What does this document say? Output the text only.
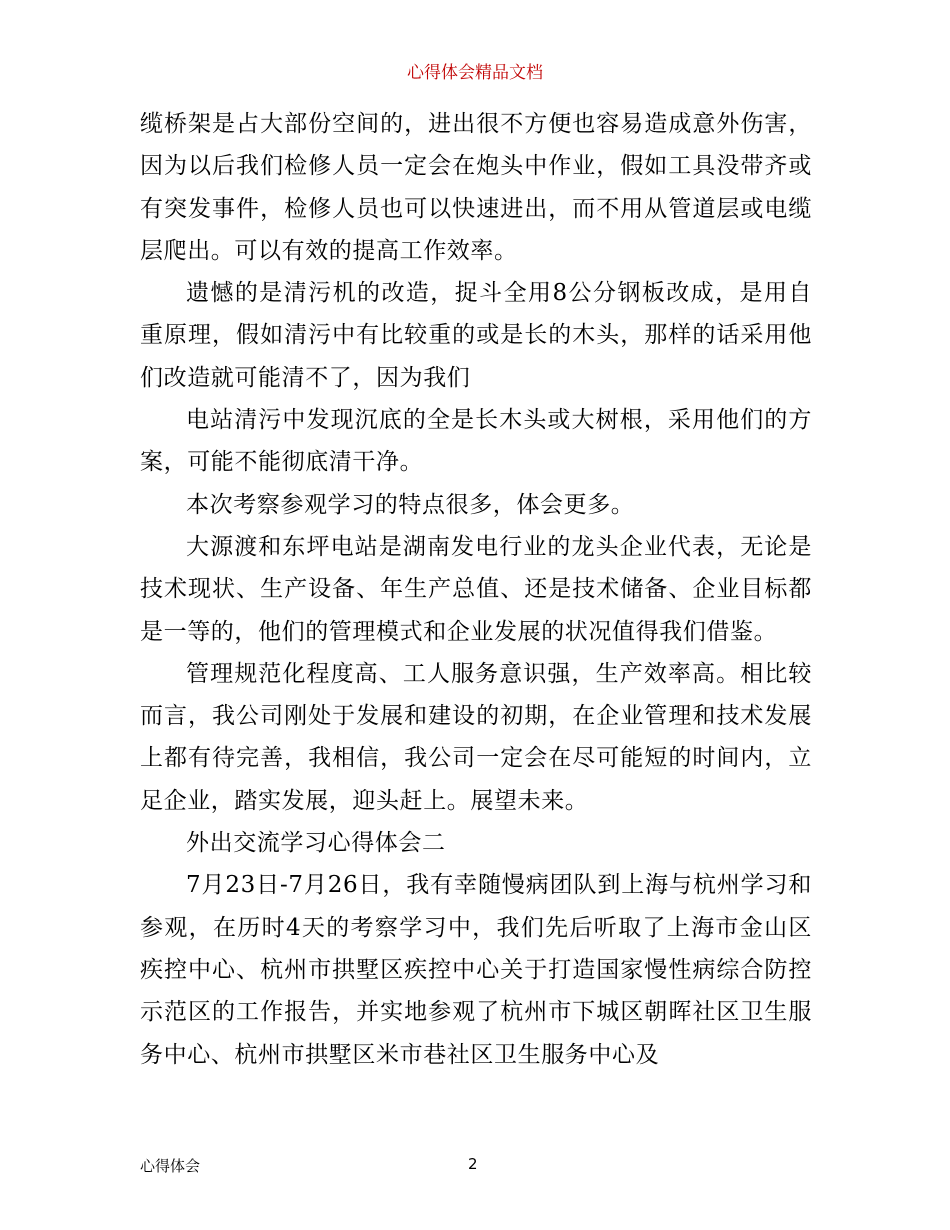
心得体会精品文档

缆桥架是占大部份空间的，进出很不方便也容易造成意外伤害，因为以后我们检修人员一定会在炮头中作业，假如工具没带齐或有突发事件，检修人员也可以快速进出，而不用从管道层或电缆层爬出。可以有效的提高工作效率。

遗憾的是清污机的改造，捉斗全用8公分钢板改成，是用自重原理，假如清污中有比较重的或是长的木头，那样的话采用他们改造就可能清不了，因为我们

电站清污中发现沉底的全是长木头或大树根，采用他们的方案，可能不能彻底清干净。

本次考察参观学习的特点很多，体会更多。

大源渡和东坪电站是湖南发电行业的龙头企业代表，无论是技术现状、生产设备、年生产总值、还是技术储备、企业目标都是一等的，他们的管理模式和企业发展的状况值得我们借鉴。

管理规范化程度高、工人服务意识强，生产效率高。相比较而言，我公司刚处于发展和建设的初期，在企业管理和技术发展上都有待完善，我相信，我公司一定会在尽可能短的时间内，立足企业，踏实发展，迎头赶上。展望未来。

外出交流学习心得体会二

7月23日-7月26日，我有幸随慢病团队到上海与杭州学习和参观，在历时4天的考察学习中，我们先后听取了上海市金山区疾控中心、杭州市拱墅区疾控中心关于打造国家慢性病综合防控示范区的工作报告，并实地参观了杭州市下城区朝晖社区卫生服务中心、杭州市拱墅区米市巷社区卫生服务中心及

心得体会	2
